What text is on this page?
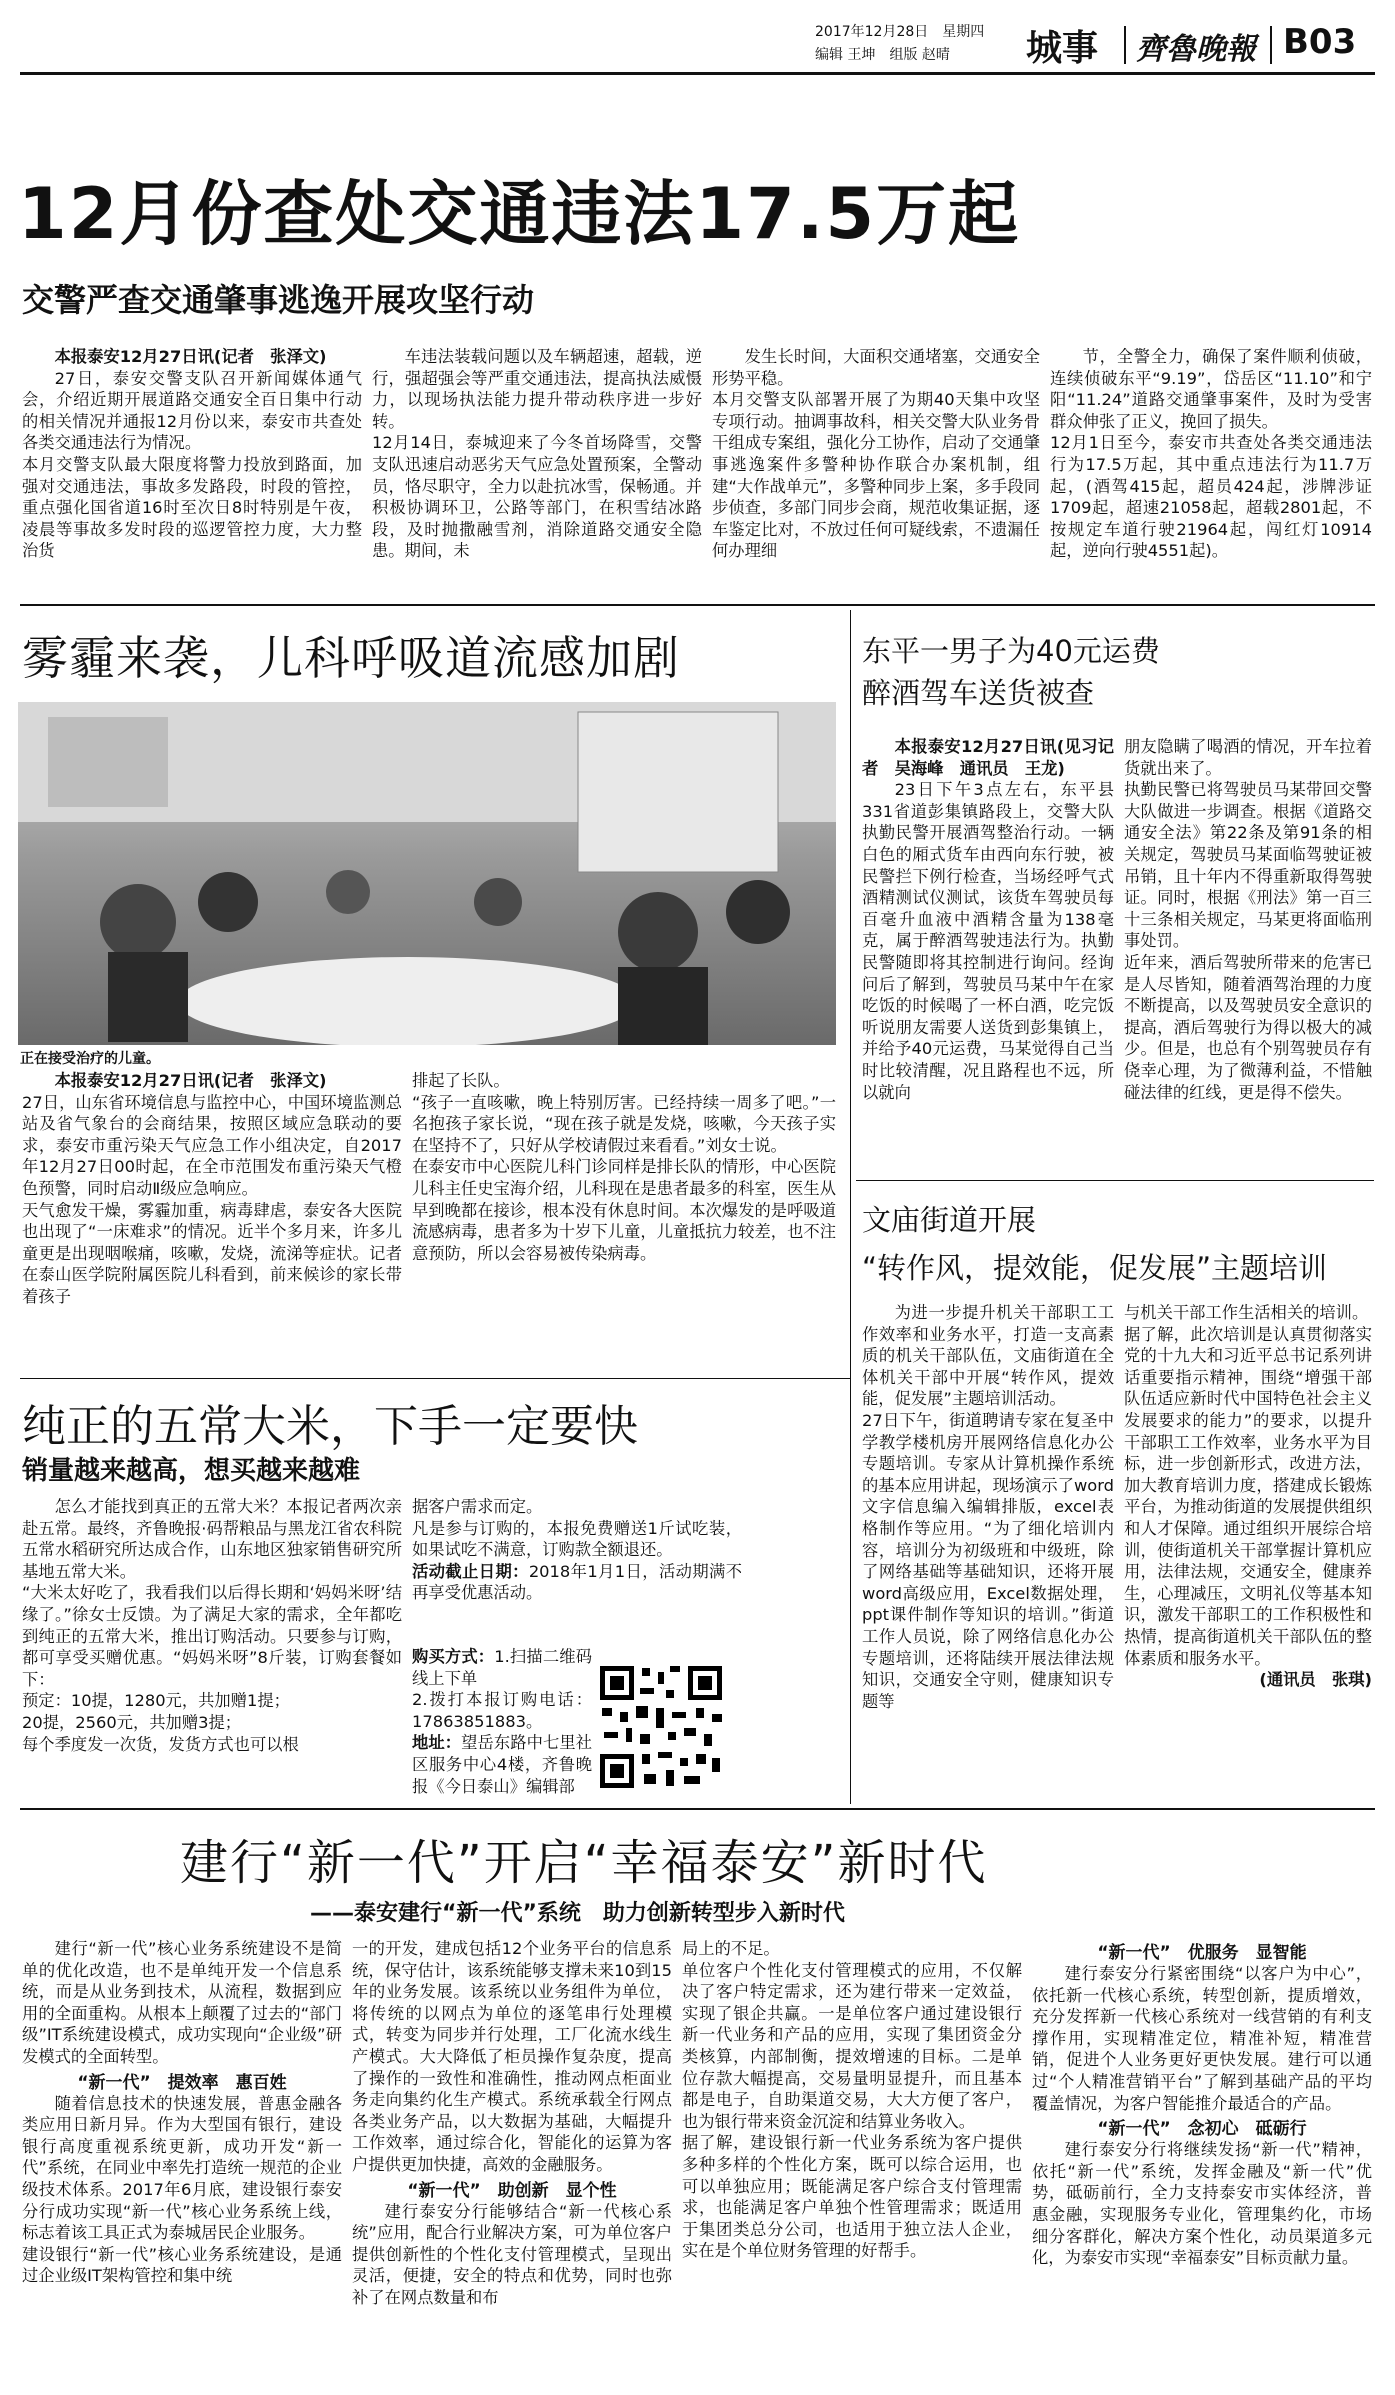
2017年12月28日　星期四
编辑 王坤　组版 赵晴 城事 齊魯晚報 B03
12月份查处交通违法17.5万起
交警严查交通肇事逃逸开展攻坚行动

本报泰安12月27日讯(记者　张泽文)

27日，泰安交警支队召开新闻媒体通气会，介绍近期开展道路交通安全百日集中行动的相关情况并通报12月份以来，泰安市共查处各类交通违法行为情况。
本月交警支队最大限度将警力投放到路面，加强对交通违法，事故多发路段，时段的管控，重点强化国省道16时至次日8时特别是午夜，凌晨等事故多发时段的巡逻管控力度，大力整治货

车违法装载问题以及车辆超速，超载，逆行，强超强会等严重交通违法，提高执法威慑力，以现场执法能力提升带动秩序进一步好转。
12月14日，泰城迎来了今冬首场降雪，交警支队迅速启动恶劣天气应急处置预案，全警动员，恪尽职守，全力以赴抗冰雪，保畅通。并积极协调环卫，公路等部门，在积雪结冰路段，及时抛撒融雪剂，消除道路交通安全隐患。期间，未

发生长时间，大面积交通堵塞，交通安全形势平稳。
本月交警支队部署开展了为期40天集中攻坚专项行动。抽调事故科，相关交警大队业务骨干组成专案组，强化分工协作，启动了交通肇事逃逸案件多警种协作联合办案机制，组建“大作战单元”，多警种同步上案，多手段同步侦查，多部门同步会商，规范收集证据，逐车鉴定比对，不放过任何可疑线索，不遗漏任何办理细

节，全警全力，确保了案件顺利侦破，连续侦破东平“9.19”，岱岳区“11.10”和宁阳“11.24”道路交通肇事案件，及时为受害群众伸张了正义，挽回了损失。
12月1日至今，泰安市共查处各类交通违法行为17.5万起，其中重点违法行为11.7万起，(酒驾415起，超员424起，涉牌涉证1709起，超速21058起，超载2801起，不按规定车道行驶21964起，闯红灯10914起，逆向行驶4551起)。

雾霾来袭，儿科呼吸道流感加剧
正在接受治疗的儿童。

本报泰安12月27日讯(记者　张泽文)

27日，山东省环境信息与监控中心，中国环境监测总站及省气象台的会商结果，按照区域应急联动的要求，泰安市重污染天气应急工作小组决定，自2017年12月27日00时起，在全市范围发布重污染天气橙色预警，同时启动Ⅱ级应急响应。
天气愈发干燥，雾霾加重，病毒肆虐，泰安各大医院也出现了“一床难求”的情况。近半个多月来，许多儿童更是出现咽喉痛，咳嗽，发烧，流涕等症状。记者在泰山医学院附属医院儿科看到，前来候诊的家长带着孩子

排起了长队。
“孩子一直咳嗽，晚上特别厉害。已经持续一周多了吧。”一名抱孩子家长说，“现在孩子就是发烧，咳嗽，今天孩子实在坚持不了，只好从学校请假过来看看。”刘女士说。
在泰安市中心医院儿科门诊同样是排长队的情形，中心医院儿科主任史宝海介绍，儿科现在是患者最多的科室，医生从早到晚都在接诊，根本没有休息时间。本次爆发的是呼吸道流感病毒，患者多为十岁下儿童，儿童抵抗力较差，也不注意预防，所以会容易被传染病毒。

东平一男子为40元运费
醉酒驾车送货被查

本报泰安12月27日讯(见习记者　吴海峰　通讯员　王龙)

23日下午3点左右，东平县331省道彭集镇路段上，交警大队执勤民警开展酒驾整治行动。一辆白色的厢式货车由西向东行驶，被民警拦下例行检查，当场经呼气式酒精测试仪测试，该货车驾驶员每百毫升血液中酒精含量为138毫克，属于醉酒驾驶违法行为。执勤民警随即将其控制进行询问。经询问后了解到，驾驶员马某中午在家吃饭的时候喝了一杯白酒，吃完饭听说朋友需要人送货到彭集镇上，并给予40元运费，马某觉得自己当时比较清醒，况且路程也不远，所以就向

朋友隐瞒了喝酒的情况，开车拉着货就出来了。
执勤民警已将驾驶员马某带回交警大队做进一步调查。根据《道路交通安全法》第22条及第91条的相关规定，驾驶员马某面临驾驶证被吊销，且十年内不得重新取得驾驶证。同时，根据《刑法》第一百三十三条相关规定，马某更将面临刑事处罚。
近年来，酒后驾驶所带来的危害已是人尽皆知，随着酒驾治理的力度不断提高，以及驾驶员安全意识的提高，酒后驾驶行为得以极大的减少。但是，也总有个别驾驶员存有侥幸心理，为了微薄利益，不惜触碰法律的红线，更是得不偿失。

文庙街道开展
“转作风，提效能，促发展”主题培训

为进一步提升机关干部职工工作效率和业务水平，打造一支高素质的机关干部队伍，文庙街道在全体机关干部中开展“转作风，提效能，促发展”主题培训活动。
27日下午，街道聘请专家在复圣中学教学楼机房开展网络信息化办公专题培训。专家从计算机操作系统的基本应用讲起，现场演示了word文字信息编入编辑排版，excel表格制作等应用。“为了细化培训内容，培训分为初级班和中级班，除了网络基础等基础知识，还将开展word高级应用，Excel数据处理，ppt课件制作等知识的培训。”街道工作人员说，除了网络信息化办公专题培训，还将陆续开展法律法规知识，交通安全守则，健康知识专题等

与机关干部工作生活相关的培训。
据了解，此次培训是认真贯彻落实党的十九大和习近平总书记系列讲话重要指示精神，围绕“增强干部队伍适应新时代中国特色社会主义发展要求的能力”的要求，以提升干部职工工作效率，业务水平为目标，进一步创新形式，改进方法，加大教育培训力度，搭建成长锻炼平台，为推动街道的发展提供组织和人才保障。通过组织开展综合培训，使街道机关干部掌握计算机应用，法律法规，交通安全，健康养生，心理减压，文明礼仪等基本知识，激发干部职工的工作积极性和热情，提高街道机关干部队伍的整体素质和服务水平。

(通讯员　张琪)

纯正的五常大米，下手一定要快
销量越来越高，想买越来越难

怎么才能找到真正的五常大米？本报记者两次亲赴五常。最终，齐鲁晚报·码帮粮品与黑龙江省农科院五常水稻研究所达成合作，山东地区独家销售研究所基地五常大米。
“大米太好吃了，我看我们以后得长期和‘妈妈米呀’结缘了。”徐女士反馈。为了满足大家的需求，全年都吃到纯正的五常大米，推出订购活动。只要参与订购，都可享受买赠优惠。“妈妈米呀”8斤装，订购套餐如下：
预定：10提，1280元，共加赠1提；
20提，2560元，共加赠3提；
每个季度发一次货，发货方式也可以根

据客户需求而定。
凡是参与订购的，本报免费赠送1斤试吃装，如果试吃不满意，订购款全额退还。

活动截止日期：2018年1月1日，活动期满不再享受优惠活动。

购买方式：1.扫描二维码线上下单

2.拨打本报订购电话：17863851883。

地址：望岳东路中七里社区服务中心4楼，齐鲁晚报《今日泰山》编辑部

建行“新一代”开启“幸福泰安”新时代
——泰安建行“新一代”系统　助力创新转型步入新时代

建行“新一代”核心业务系统建设不是简单的优化改造，也不是单纯开发一个信息系统，而是从业务到技术，从流程，数据到应用的全面重构。从根本上颠覆了过去的“部门级”IT系统建设模式，成功实现向“企业级”研发模式的全面转型。

“新一代”　提效率　惠百姓

随着信息技术的快速发展，普惠金融各类应用日新月异。作为大型国有银行，建设银行高度重视系统更新，成功开发“新一代”系统，在同业中率先打造统一规范的企业级技术体系。2017年6月底，建设银行泰安分行成功实现“新一代”核心业务系统上线，标志着该工具正式为泰城居民企业服务。
建设银行“新一代”核心业务系统建设，是通过企业级IT架构管控和集中统

一的开发，建成包括12个业务平台的信息系统，保守估计，该系统能够支撑未来10到15年的业务发展。该系统以业务组件为单位，将传统的以网点为单位的逐笔串行处理模式，转变为同步并行处理，工厂化流水线生产模式。大大降低了柜员操作复杂度，提高了操作的一致性和准确性，推动网点柜面业务走向集约化生产模式。系统承载全行网点各类业务产品，以大数据为基础，大幅提升工作效率，通过综合化，智能化的运算为客户提供更加快捷，高效的金融服务。

“新一代”　助创新　显个性

建行泰安分行能够结合“新一代核心系统”应用，配合行业解决方案，可为单位客户提供创新性的个性化支付管理模式，呈现出灵活，便捷，安全的特点和优势，同时也弥补了在网点数量和布

局上的不足。
单位客户个性化支付管理模式的应用，不仅解决了客户特定需求，还为建行带来一定效益，实现了银企共赢。一是单位客户通过建设银行新一代业务和产品的应用，实现了集团资金分类核算，内部制衡，提效增速的目标。二是单位存款大幅提高，交易量明显提升，而且基本都是电子，自助渠道交易，大大方便了客户，也为银行带来资金沉淀和结算业务收入。
据了解，建设银行新一代业务系统为客户提供多种多样的个性化方案，既可以综合运用，也可以单独应用；既能满足客户综合支付管理需求，也能满足客户单独个性管理需求；既适用于集团类总分公司，也适用于独立法人企业，实在是个单位财务管理的好帮手。

“新一代”　优服务　显智能

建行泰安分行紧密围绕“以客户为中心”，依托新一代核心系统，转型创新，提质增效，充分发挥新一代核心系统对一线营销的有利支撑作用，实现精准定位，精准补短，精准营销，促进个人业务更好更快发展。建行可以通过“个人精准营销平台”了解到基础产品的平均覆盖情况，为客户智能推介最适合的产品。

“新一代”　念初心　砥砺行

建行泰安分行将继续发扬“新一代”精神，依托“新一代”系统，发挥金融及“新一代”优势，砥砺前行，全力支持泰安市实体经济，普惠金融，实现服务专业化，管理集约化，市场细分客群化，解决方案个性化，动员渠道多元化，为泰安市实现“幸福泰安”目标贡献力量。
